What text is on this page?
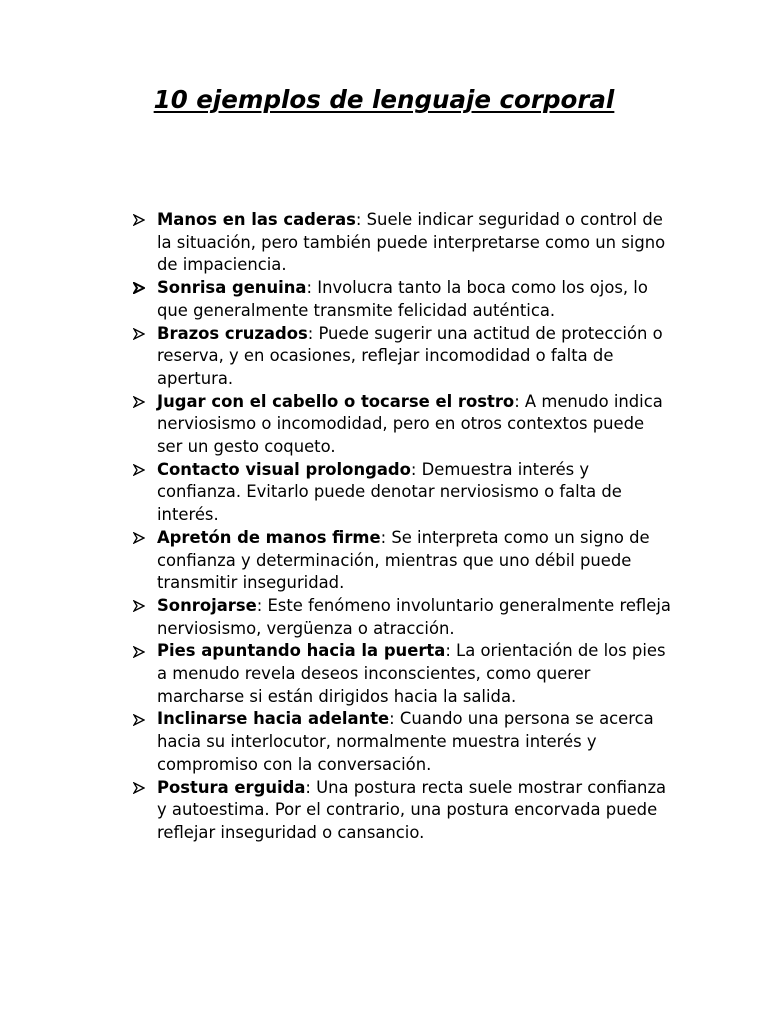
10 ejemplos de lenguaje corporal
Manos en las caderas: Suele indicar seguridad o control de la situación, pero también puede interpretarse como un signo de impaciencia.
Sonrisa genuina: Involucra tanto la boca como los ojos, lo que generalmente transmite felicidad auténtica.
Brazos cruzados: Puede sugerir una actitud de protección o reserva, y en ocasiones, reflejar incomodidad o falta de apertura.
Jugar con el cabello o tocarse el rostro: A menudo indica nerviosismo o incomodidad, pero en otros contextos puede ser un gesto coqueto.
Contacto visual prolongado: Demuestra interés y confianza. Evitarlo puede denotar nerviosismo o falta de interés.
Apretón de manos firme: Se interpreta como un signo de confianza y determinación, mientras que uno débil puede transmitir inseguridad.
Sonrojarse: Este fenómeno involuntario generalmente refleja nerviosismo, vergüenza o atracción.
Pies apuntando hacia la puerta: La orientación de los pies a menudo revela deseos inconscientes, como querer marcharse si están dirigidos hacia la salida.
Inclinarse hacia adelante: Cuando una persona se acerca hacia su interlocutor, normalmente muestra interés y compromiso con la conversación.
Postura erguida: Una postura recta suele mostrar confianza y autoestima. Por el contrario, una postura encorvada puede reflejar inseguridad o cansancio.
